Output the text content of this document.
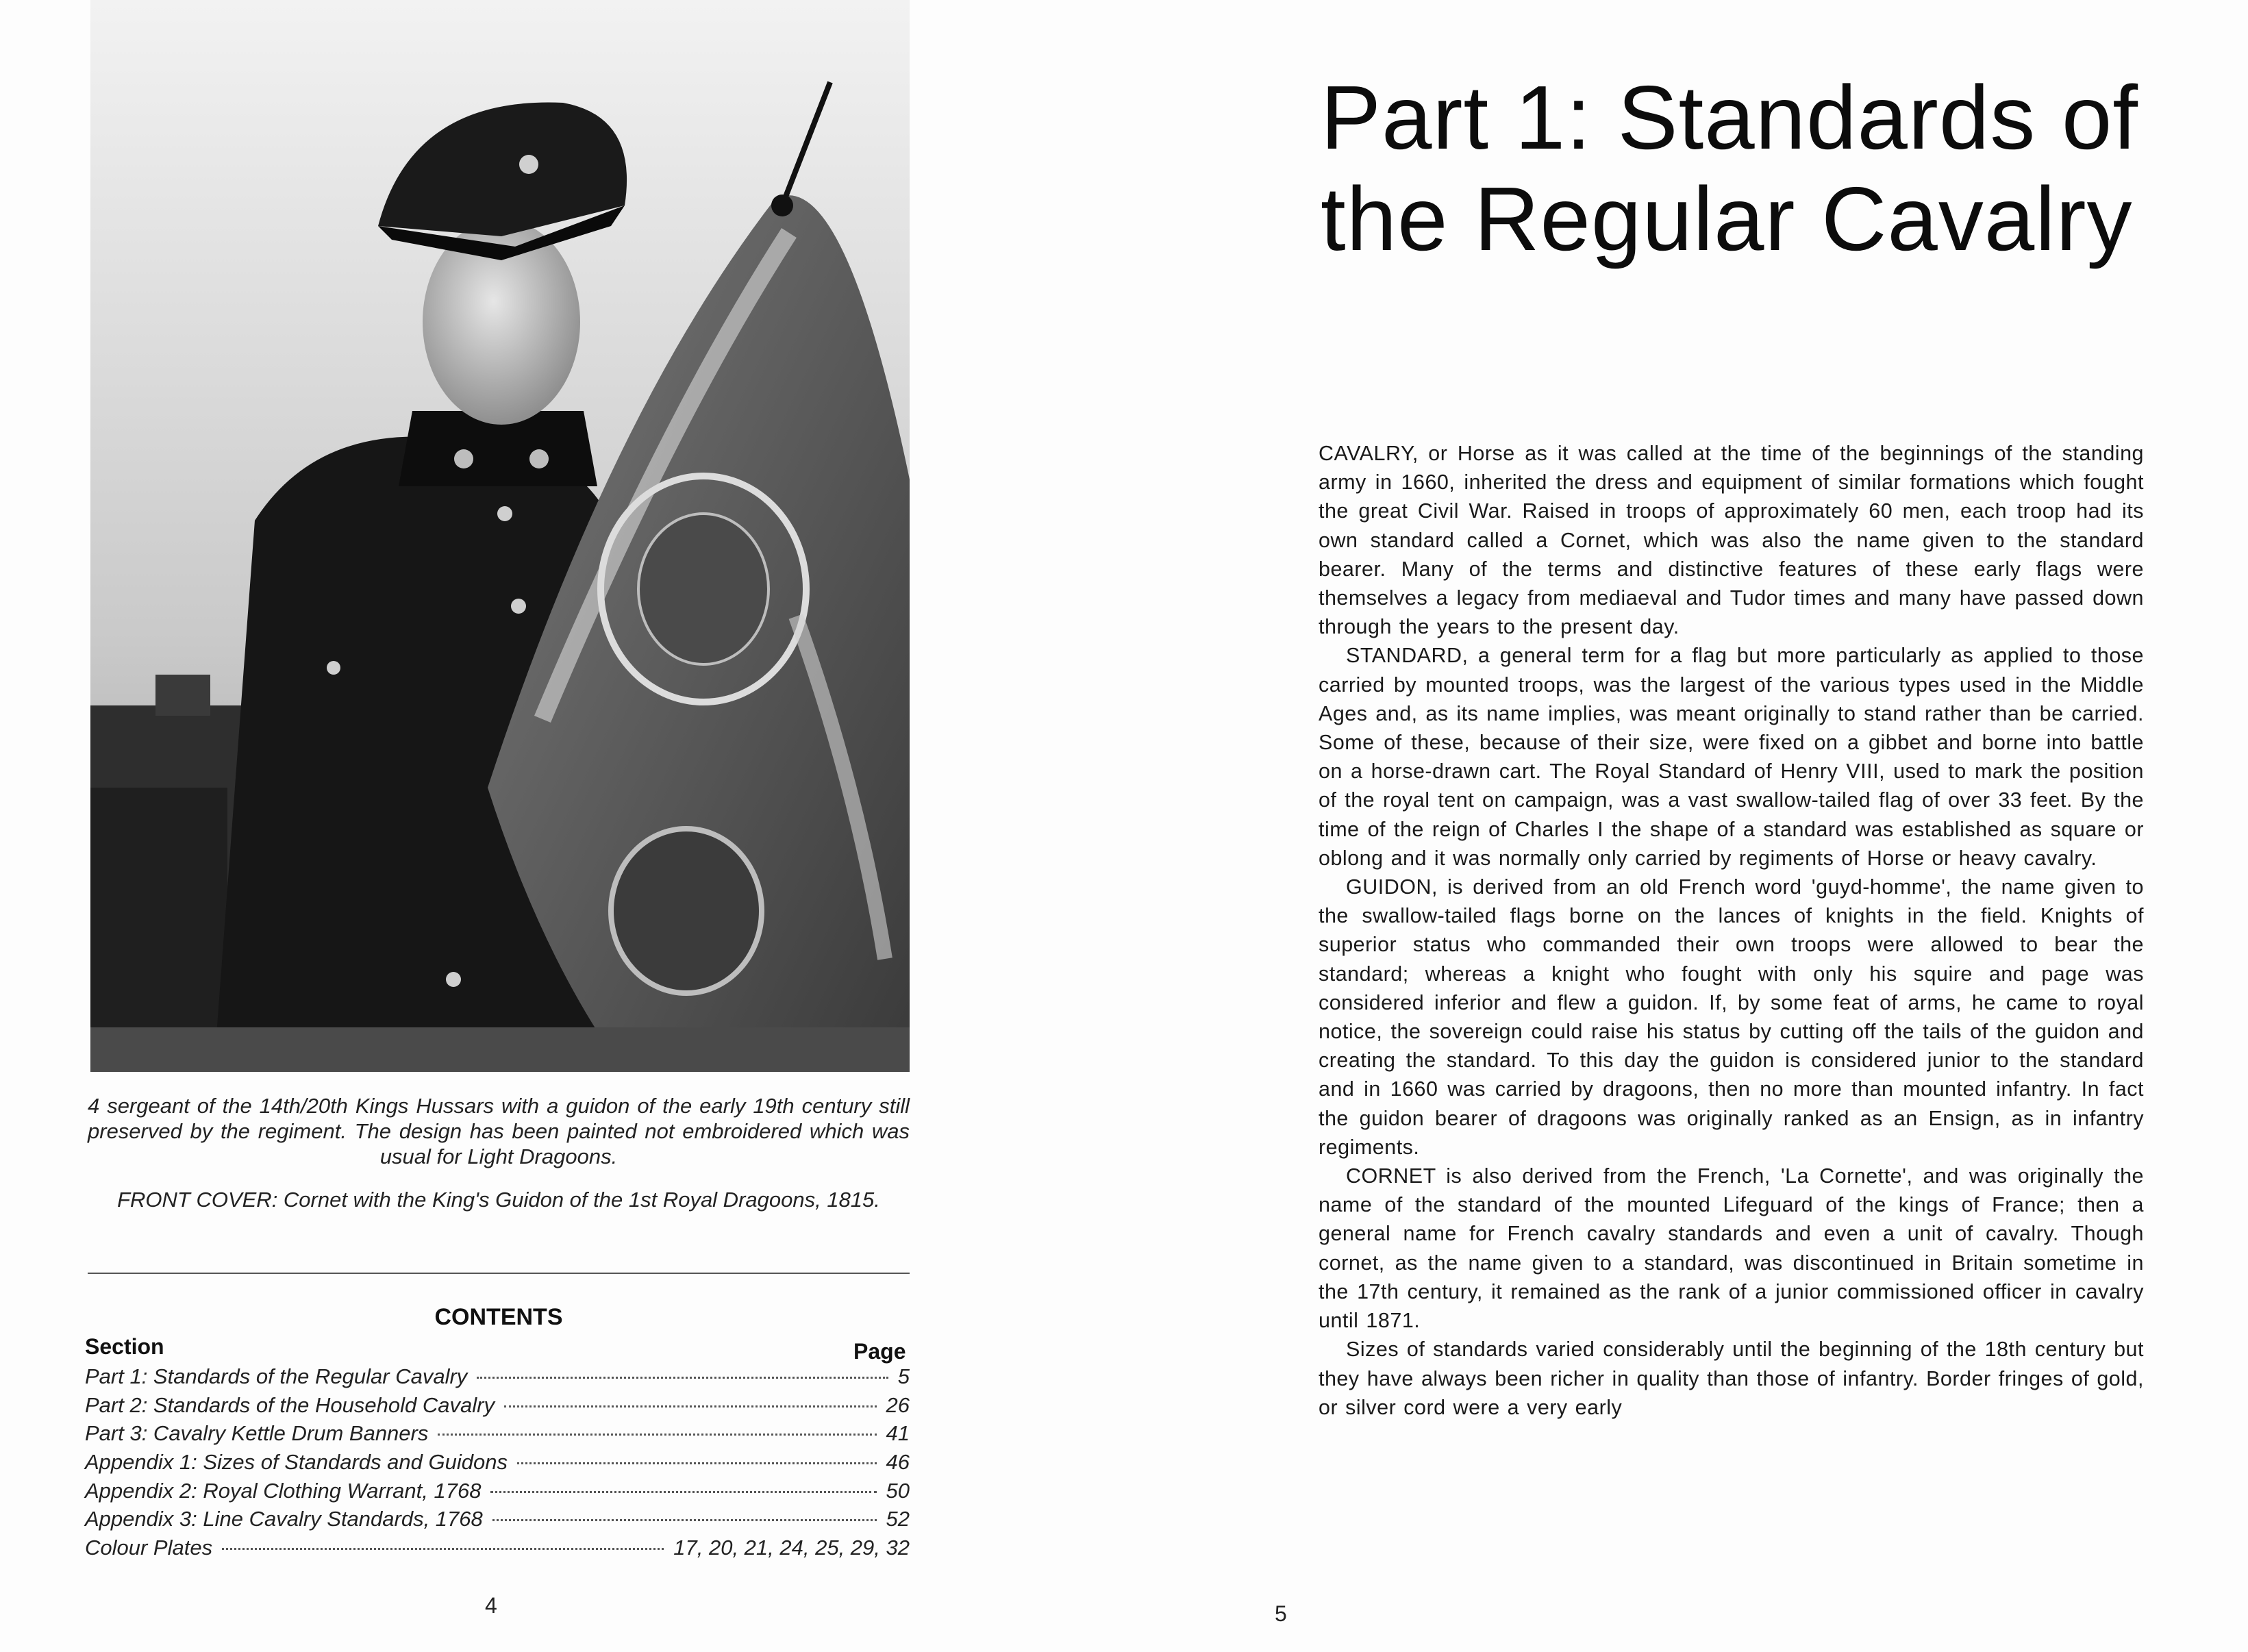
4 sergeant of the 14th/20th Kings Hussars with a guidon of the early 19th century still preserved by the regiment. The design has been painted not embroidered which was usual for Light Dragoons.

FRONT COVER: Cornet with the King's Guidon of the 1st Royal Dragoons, 1815.

CONTENTS
Section	Page
Part 1: Standards of the Regular Cavalry	5
Part 2: Standards of the Household Cavalry	26
Part 3: Cavalry Kettle Drum Banners	41
Appendix 1: Sizes of Standards and Guidons	46
Appendix 2: Royal Clothing Warrant, 1768	50
Appendix 3: Line Cavalry Standards, 1768	52
Colour Plates	17, 20, 21, 24, 25, 29, 32
4
Part 1: Standards of the Regular Cavalry

CAVALRY, or Horse as it was called at the time of the beginnings of the standing army in 1660, inherited the dress and equipment of similar formations which fought the great Civil War. Raised in troops of approximately 60 men, each troop had its own standard called a Cornet, which was also the name given to the standard bearer. Many of the terms and distinctive features of these early flags were themselves a legacy from mediaeval and Tudor times and many have passed down through the years to the present day.

STANDARD, a general term for a flag but more particularly as applied to those carried by mounted troops, was the largest of the various types used in the Middle Ages and, as its name implies, was meant originally to stand rather than be carried. Some of these, because of their size, were fixed on a gibbet and borne into battle on a horse-drawn cart. The Royal Standard of Henry VIII, used to mark the position of the royal tent on campaign, was a vast swallow-tailed flag of over 33 feet. By the time of the reign of Charles I the shape of a standard was established as square or oblong and it was normally only carried by regiments of Horse or heavy cavalry.

GUIDON, is derived from an old French word 'guyd-homme', the name given to the swallow-tailed flags borne on the lances of knights in the field. Knights of superior status who commanded their own troops were allowed to bear the standard; whereas a knight who fought with only his squire and page was considered inferior and flew a guidon. If, by some feat of arms, he came to royal notice, the sovereign could raise his status by cutting off the tails of the guidon and creating the standard. To this day the guidon is considered junior to the standard and in 1660 was carried by dragoons, then no more than mounted infantry. In fact the guidon bearer of dragoons was originally ranked as an Ensign, as in infantry regiments.

CORNET is also derived from the French, 'La Cornette', and was originally the name of the standard of the mounted Lifeguard of the kings of France; then a general name for French cavalry standards and even a unit of cavalry. Though cornet, as the name given to a standard, was discontinued in Britain sometime in the 17th century, it remained as the rank of a junior commissioned officer in cavalry until 1871.

Sizes of standards varied considerably until the beginning of the 18th century but they have always been richer in quality than those of infantry. Border fringes of gold, or silver cord were a very early

5
